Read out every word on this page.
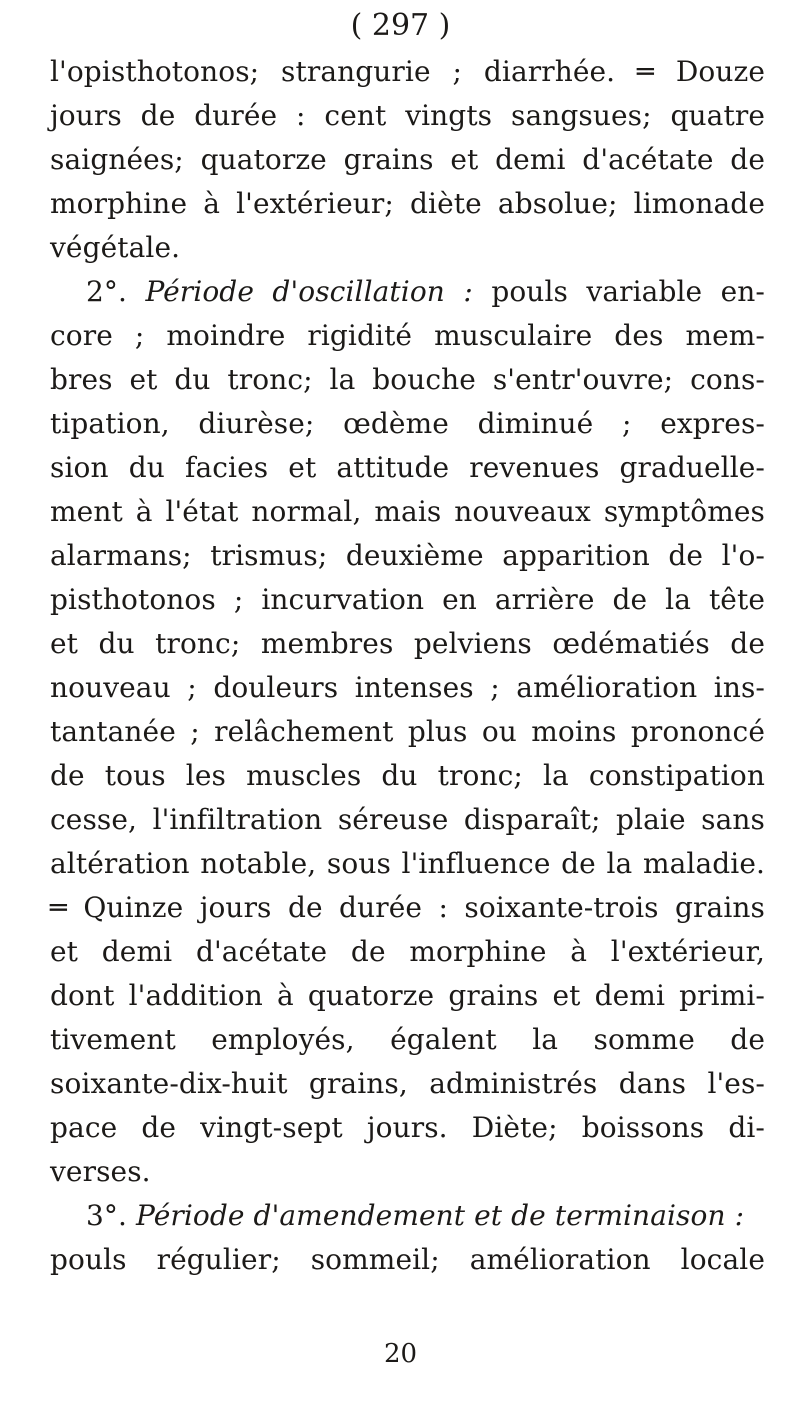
( 297 )
l'opisthotonos; strangurie ; diarrhée. ═ Douze
jours de durée : cent vingts sangsues; quatre
saignées; quatorze grains et demi d'acétate de
morphine à l'extérieur; diète absolue; limonade
végétale.
2°. Période d'oscillation : pouls variable en-
core ; moindre rigidité musculaire des mem-
bres et du tronc; la bouche s'entr'ouvre; cons-
tipation, diurèse; œdème diminué ; expres-
sion du facies et attitude revenues graduelle-
ment à l'état normal, mais nouveaux symptômes
alarmans; trismus; deuxième apparition de l'o-
pisthotonos ; incurvation en arrière de la tête
et du tronc; membres pelviens œdématiés de
nouveau ; douleurs intenses ; amélioration ins-
tantanée ; relâchement plus ou moins prononcé
de tous les muscles du tronc; la constipation
cesse, l'infiltration séreuse disparaît; plaie sans
altération notable, sous l'influence de la maladie.
═ Quinze jours de durée : soixante-trois grains
et demi d'acétate de morphine à l'extérieur,
dont l'addition à quatorze grains et demi primi-
tivement employés, égalent la somme de
soixante-dix-huit grains, administrés dans l'es-
pace de vingt-sept jours. Diète; boissons di-
verses.
3°. Période d'amendement et de terminaison :
pouls régulier; sommeil; amélioration locale
20
